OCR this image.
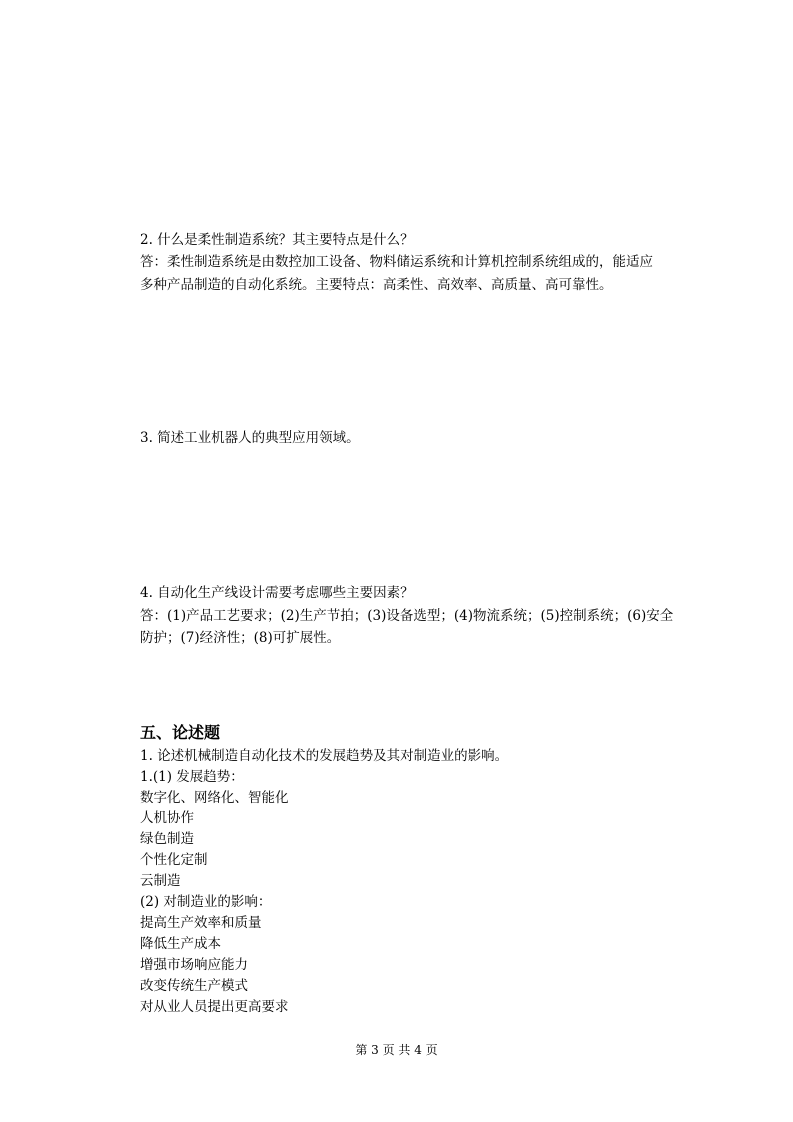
2. 什么是柔性制造系统？其主要特点是什么？
答：柔性制造系统是由数控加工设备、物料储运系统和计算机控制系统组成的，能适应
多种产品制造的自动化系统。主要特点：高柔性、高效率、高质量、高可靠性。
3. 简述工业机器人的典型应用领域。
4. 自动化生产线设计需要考虑哪些主要因素？
答：(1)产品工艺要求；(2)生产节拍；(3)设备选型；(4)物流系统；(5)控制系统；(6)安全
防护；(7)经济性；(8)可扩展性。
五、论述题
1. 论述机械制造自动化技术的发展趋势及其对制造业的影响。
1.(1) 发展趋势：
数字化、网络化、智能化
人机协作
绿色制造
个性化定制
云制造
(2) 对制造业的影响：
提高生产效率和质量
降低生产成本
增强市场响应能力
改变传统生产模式
对从业人员提出更高要求
第 3 页 共 4 页
